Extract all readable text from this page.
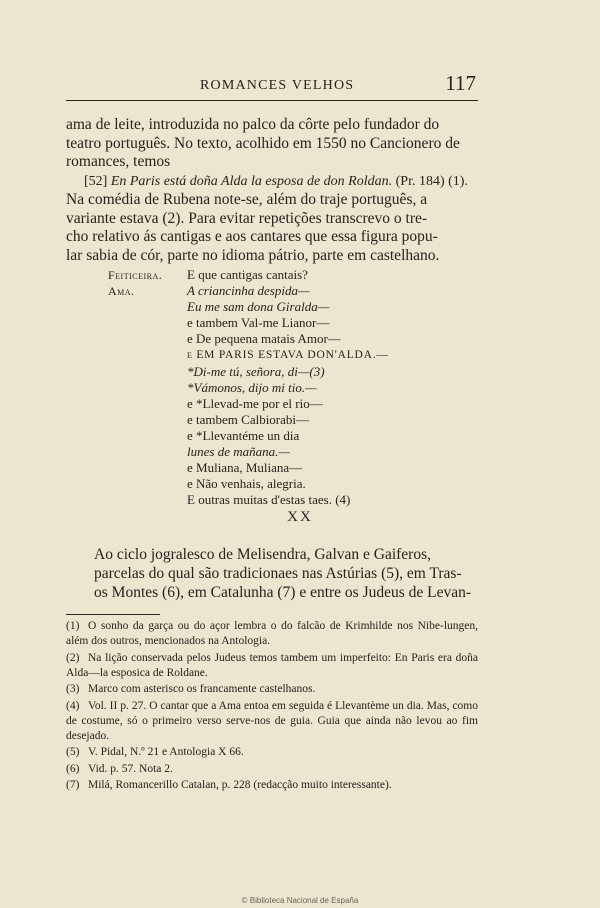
ROMANCES VELHOS	117

ama de leite, introduzida no palco da côrte pelo fundador do
teatro português. No texto, acolhido em 1550 no Cancionero de
romances, temos

[52] En Paris está doña Alda la esposa de don Roldan. (Pr. 184) (1).

Na comédia de Rubena note-se, além do traje português, a
variante estava (2). Para evitar repetições transcrevo o tre-
cho relativo ás cantigas e aos cantares que essa figura popu-
lar sabia de cór, parte no idioma pátrio, parte em castelhano.

Feiticeira.	E que cantigas cantais?
Ama.	A criancinha despida—
Eu me sam dona Giralda—
e tambem Val-me Lianor—
e De pequena matais Amor—
e EM PARIS ESTAVA DON'ALDA.—
*Di-me tú, señora, di—(3)
*Vámonos, dijo mi tio.—
e *Llevad-me por el rio—
e tambem Calbiorabi—
e *Llevantéme un dia
lunes de mañana.—
e Muliana, Muliana—
e Não venhais, alegria.
E outras muitas d'estas taes. (4)
XX

Ao ciclo jogralesco de Melisendra, Galvan e Gaiferos,
parcelas do qual são tradicionaes nas Astúrias (5), em Tras-
os Montes (6), em Catalunha (7) e entre os Judeus de Levan-

(1) O sonho da garça ou do açor lembra o do falcão de Krimhilde nos Nibe-lungen, além dos outros, mencionados na Antologia.
(2) Na lição conservada pelos Judeus temos tambem um imperfeito: En Paris era doña Alda—la esposica de Roldane.
(3) Marco com asterisco os francamente castelhanos.
(4) Vol. II p. 27. O cantar que a Ama entoa em seguida é Llevantème un dia. Mas, como de costume, só o primeiro verso serve-nos de guia. Guia que ainda não levou ao fim desejado.
(5) V. Pidal, N.º 21 e Antologia X 66.
(6) Vid. p. 57. Nota 2.
(7) Milá, Romancerillo Catalan, p. 228 (redacção muito interessante).
© Biblioteca Nacional de España
